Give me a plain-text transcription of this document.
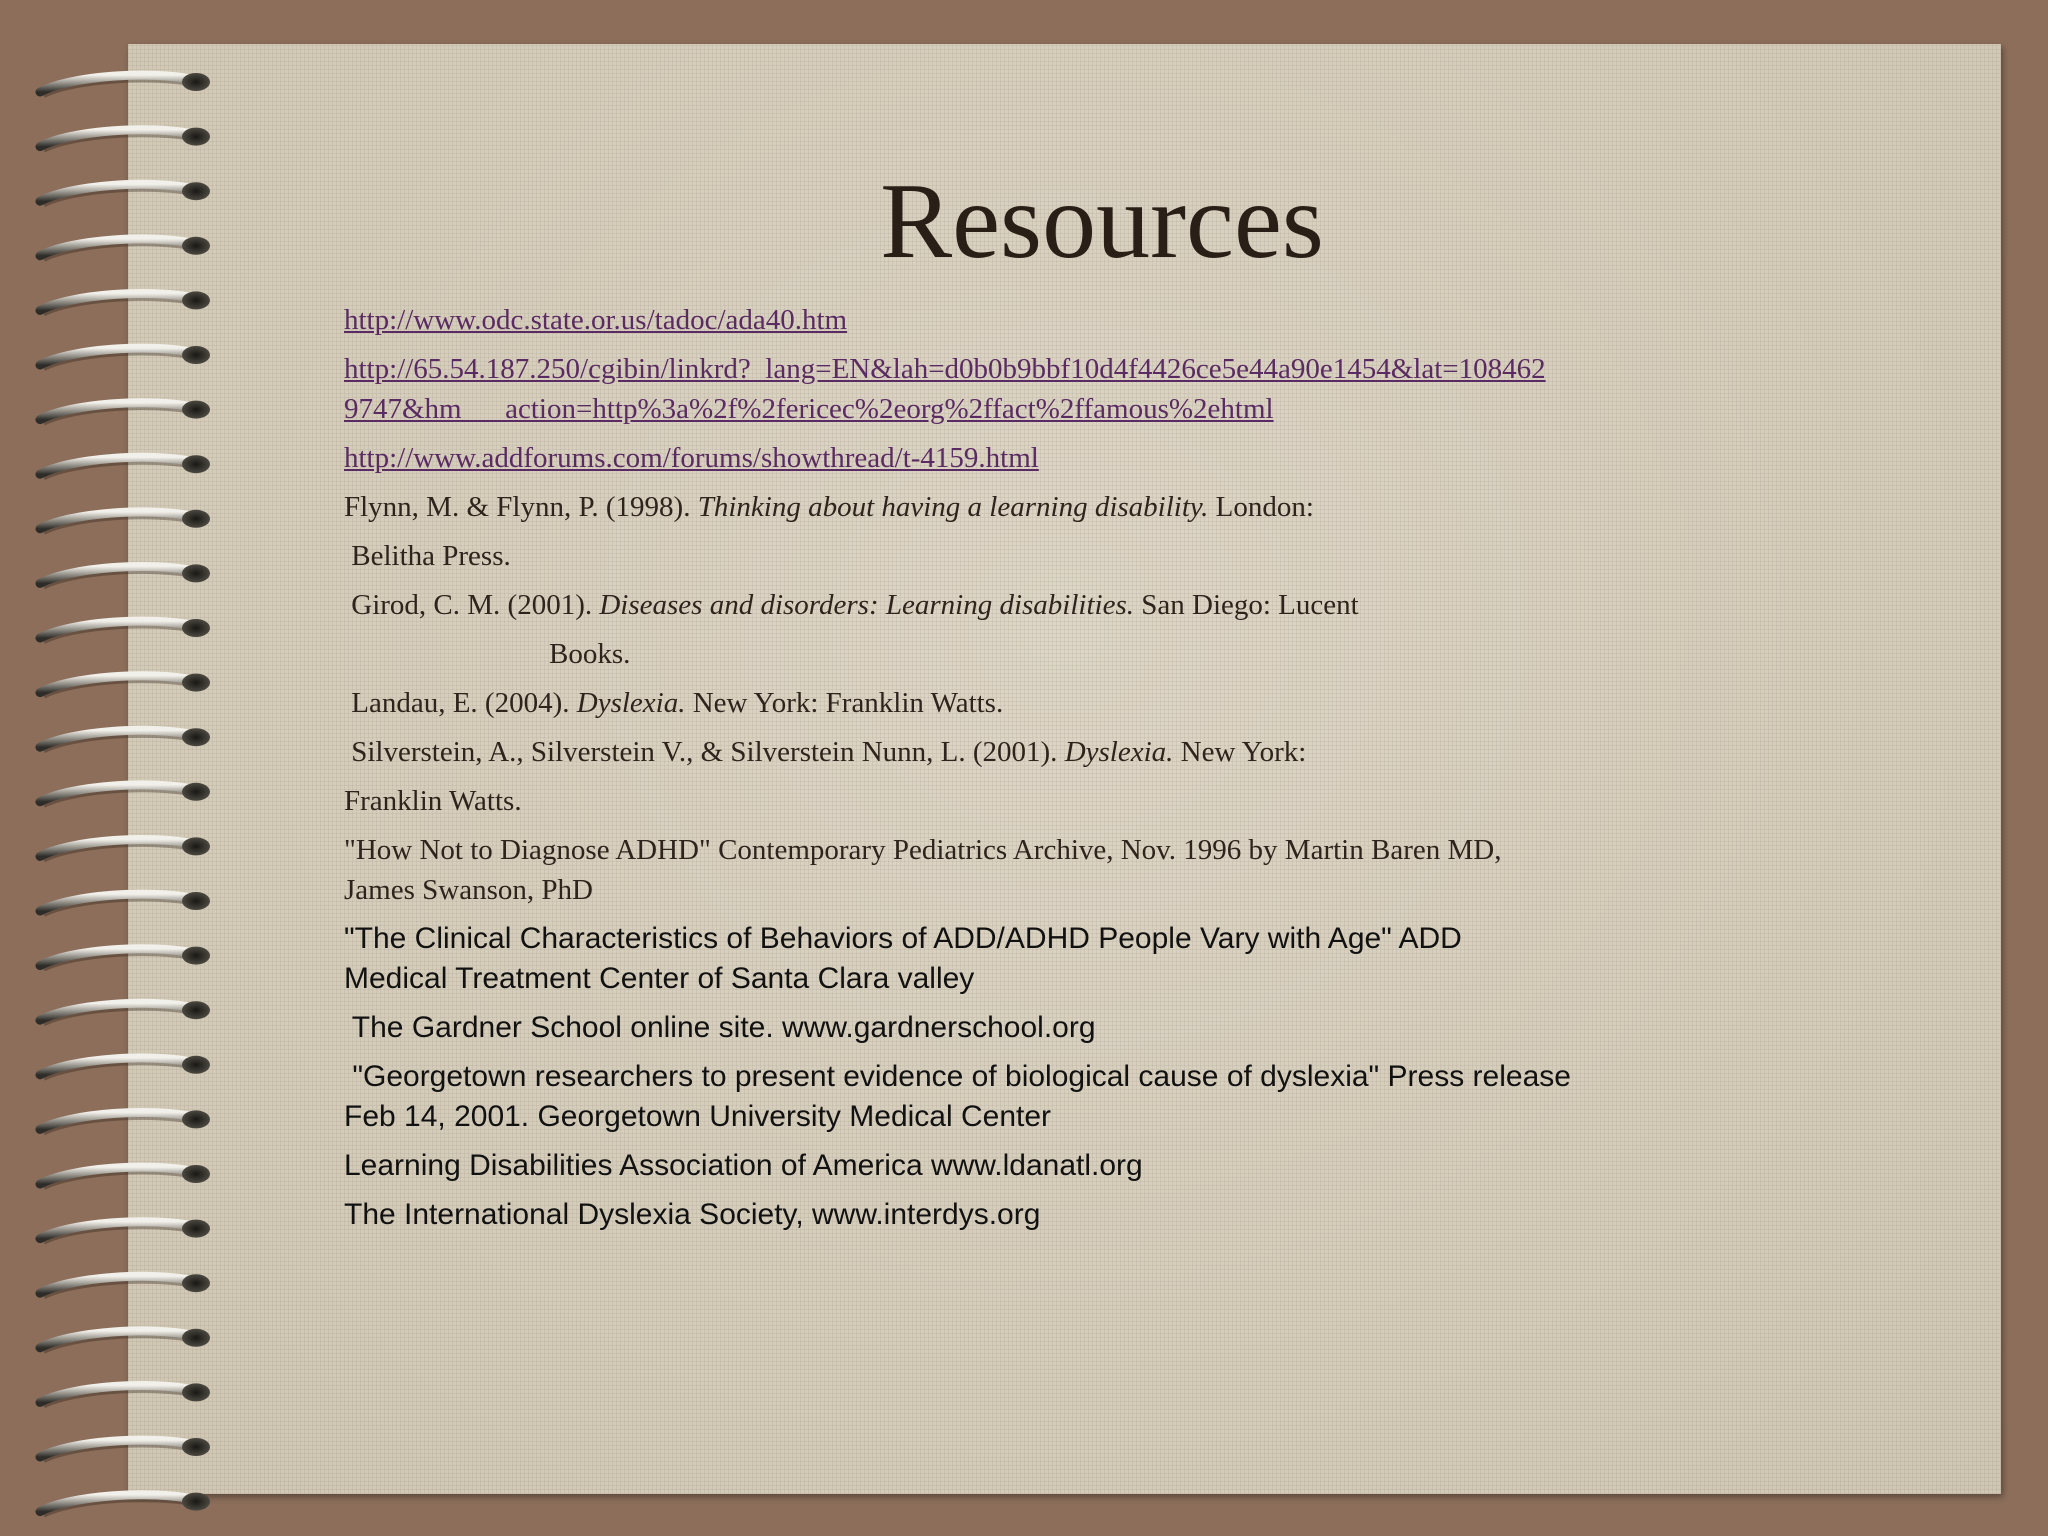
Resources
http://www.odc.state.or.us/tadoc/ada40.htm
http://65.54.187.250/cgibin/linkrd?_lang=EN&lah=d0b0b9bbf10d4f4426ce5e44a90e1454&lat=108462
9747&hm___action=http%3a%2f%2fericec%2eorg%2ffact%2ffamous%2ehtml
http://www.addforums.com/forums/showthread/t-4159.html
Flynn, M. & Flynn, P. (1998). Thinking about having a learning disability. London:
Belitha Press.
Girod, C. M. (2001). Diseases and disorders: Learning disabilities. San Diego: Lucent
Books.
Landau, E. (2004). Dyslexia. New York: Franklin Watts.
Silverstein, A., Silverstein V., & Silverstein Nunn, L. (2001). Dyslexia. New York:
Franklin Watts.
"How Not to Diagnose ADHD" Contemporary Pediatrics Archive, Nov. 1996 by Martin Baren MD,
James Swanson, PhD
"The Clinical Characteristics of Behaviors of ADD/ADHD People Vary with Age" ADD
Medical Treatment Center of Santa Clara valley
The Gardner School online site. www.gardnerschool.org
"Georgetown researchers to present evidence of biological cause of dyslexia" Press release
Feb 14, 2001. Georgetown University Medical Center
Learning Disabilities Association of America www.ldanatl.org
The International Dyslexia Society, www.interdys.org
